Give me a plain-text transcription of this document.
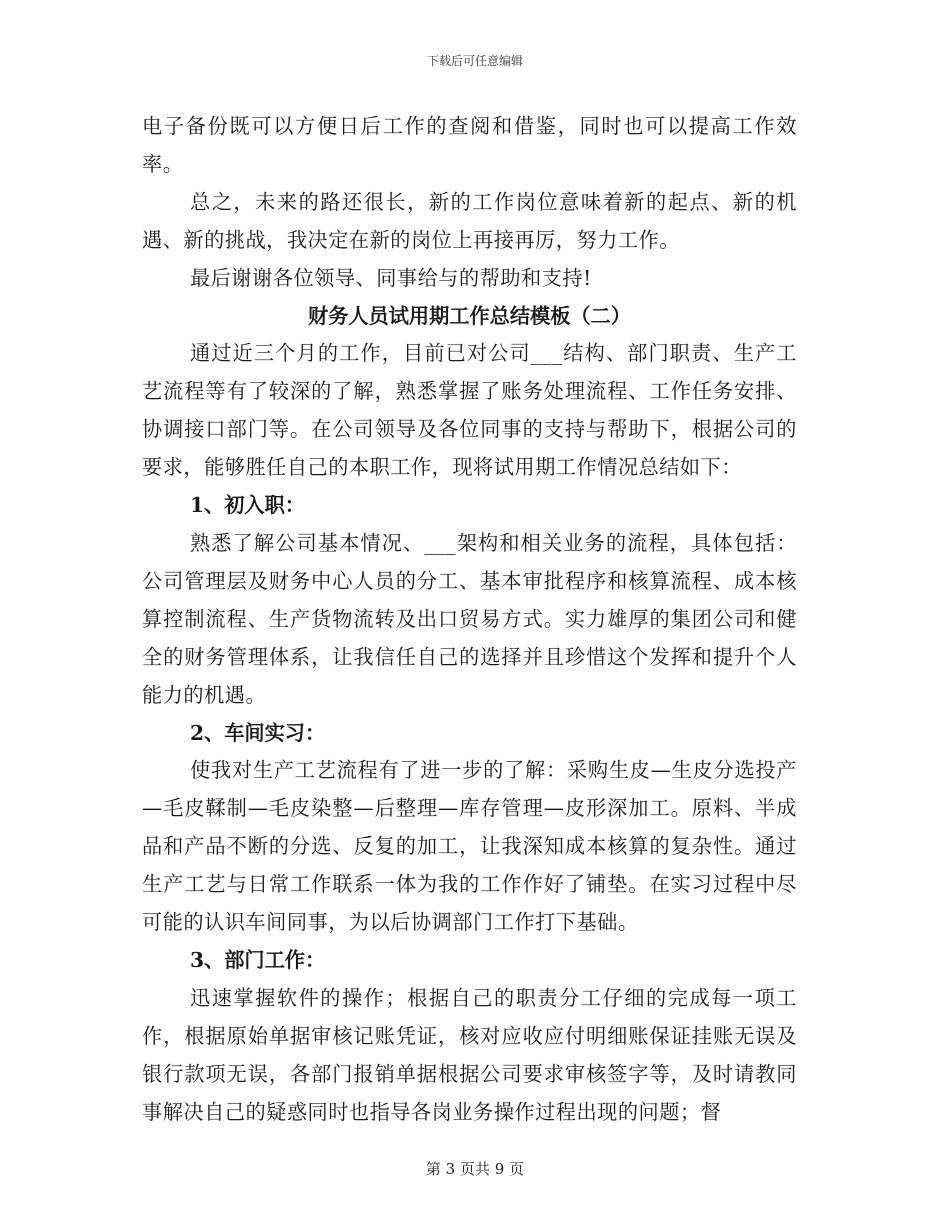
下载后可任意编辑

电子备份既可以方便日后工作的查阅和借鉴，同时也可以提高工作效率。

总之，未来的路还很长，新的工作岗位意味着新的起点、新的机遇、新的挑战，我决定在新的岗位上再接再厉，努力工作。

最后谢谢各位领导、同事给与的帮助和支持!

财务人员试用期工作总结模板（二）

通过近三个月的工作，目前已对公司___结构、部门职责、生产工艺流程等有了较深的了解，熟悉掌握了账务处理流程、工作任务安排、协调接口部门等。在公司领导及各位同事的支持与帮助下，根据公司的要求，能够胜任自己的本职工作，现将试用期工作情况总结如下：

1、初入职：

熟悉了解公司基本情况、___架构和相关业务的流程，具体包括：公司管理层及财务中心人员的分工、基本审批程序和核算流程、成本核算控制流程、生产货物流转及出口贸易方式。实力雄厚的集团公司和健全的财务管理体系，让我信任自己的选择并且珍惜这个发挥和提升个人能力的机遇。

2、车间实习：

使我对生产工艺流程有了进一步的了解：采购生皮—生皮分选投产—毛皮鞣制—毛皮染整—后整理—库存管理—皮形深加工。原料、半成品和产品不断的分选、反复的加工，让我深知成本核算的复杂性。通过生产工艺与日常工作联系一体为我的工作作好了铺垫。在实习过程中尽可能的认识车间同事，为以后协调部门工作打下基础。

3、部门工作：

迅速掌握软件的操作；根据自己的职责分工仔细的完成每一项工作，根据原始单据审核记账凭证，核对应收应付明细账保证挂账无误及银行款项无误，各部门报销单据根据公司要求审核签字等，及时请教同事解决自己的疑惑同时也指导各岗业务操作过程出现的问题；督

第 3 页共 9 页
